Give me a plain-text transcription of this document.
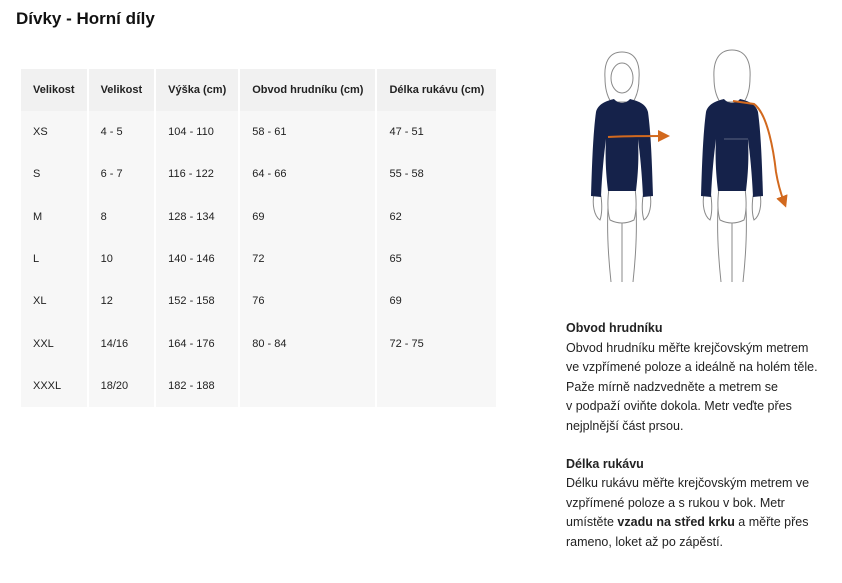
Dívky - Horní díly
Velikost	Velikost	Výška (cm)	Obvod hrudníku (cm)	Délka rukávu (cm)
XS	4 - 5	104 - 110	58 - 61	47 - 51
S	6 - 7	116 - 122	64 - 66	55 - 58
M	8	128 - 134	69	62
L	10	140 - 146	72	65
XL	12	152 - 158	76	69
XXL	14/16	164 - 176	80 - 84	72 - 75
XXXL	18/20	182 - 188		

Obvod hrudníku

Obvod hrudníku měřte krejčovským metrem

ve vzpřímené poloze a ideálně na holém těle.

Paže mírně nadzvedněte a metrem se

v podpaží oviňte dokola. Metr veďte přes

nejplnější část prsou.

Délka rukávu

Délku rukávu měřte krejčovským metrem ve

vzpřímené poloze a s rukou v bok. Metr

umístěte vzadu na střed krku a měřte přes

rameno, loket až po zápěstí.
